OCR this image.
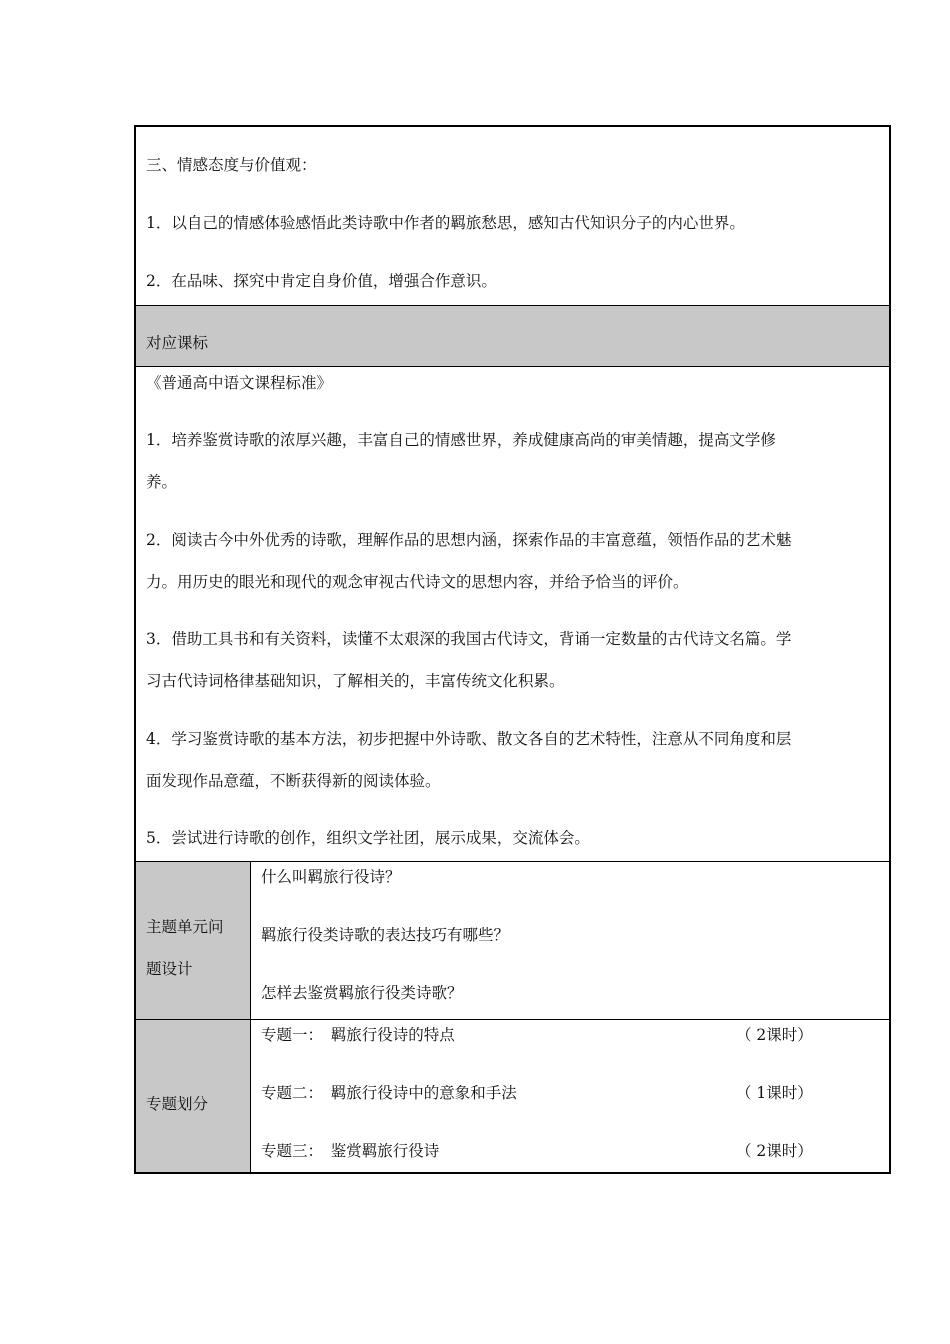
三、情感态度与价值观：
1．以自己的情感体验感悟此类诗歌中作者的羁旅愁思，感知古代知识分子的内心世界。
2．在品味、探究中肯定自身价值，增强合作意识。
对应课标
《普通高中语文课程标准》
1．培养鉴赏诗歌的浓厚兴趣，丰富自己的情感世界，养成健康高尚的审美情趣，提高文学修
养。
2．阅读古今中外优秀的诗歌，理解作品的思想内涵，探索作品的丰富意蕴，领悟作品的艺术魅
力。用历史的眼光和现代的观念审视古代诗文的思想内容，并给予恰当的评价。
3．借助工具书和有关资料，读懂不太艰深的我国古代诗文，背诵一定数量的古代诗文名篇。学
习古代诗词格律基础知识，了解相关的，丰富传统文化积累。
4．学习鉴赏诗歌的基本方法，初步把握中外诗歌、散文各自的艺术特性，注意从不同角度和层
面发现作品意蕴，不断获得新的阅读体验。
5．尝试进行诗歌的创作，组织文学社团，展示成果，交流体会。
主题单元问
题设计
什么叫羁旅行役诗？
羁旅行役类诗歌的表达技巧有哪些？
怎样去鉴赏羁旅行役类诗歌？
专题划分
专题一：　羁旅行役诗的特点	（ 2课时）
专题二：　羁旅行役诗中的意象和手法	（ 1课时）
专题三：　鉴赏羁旅行役诗	（ 2课时）
